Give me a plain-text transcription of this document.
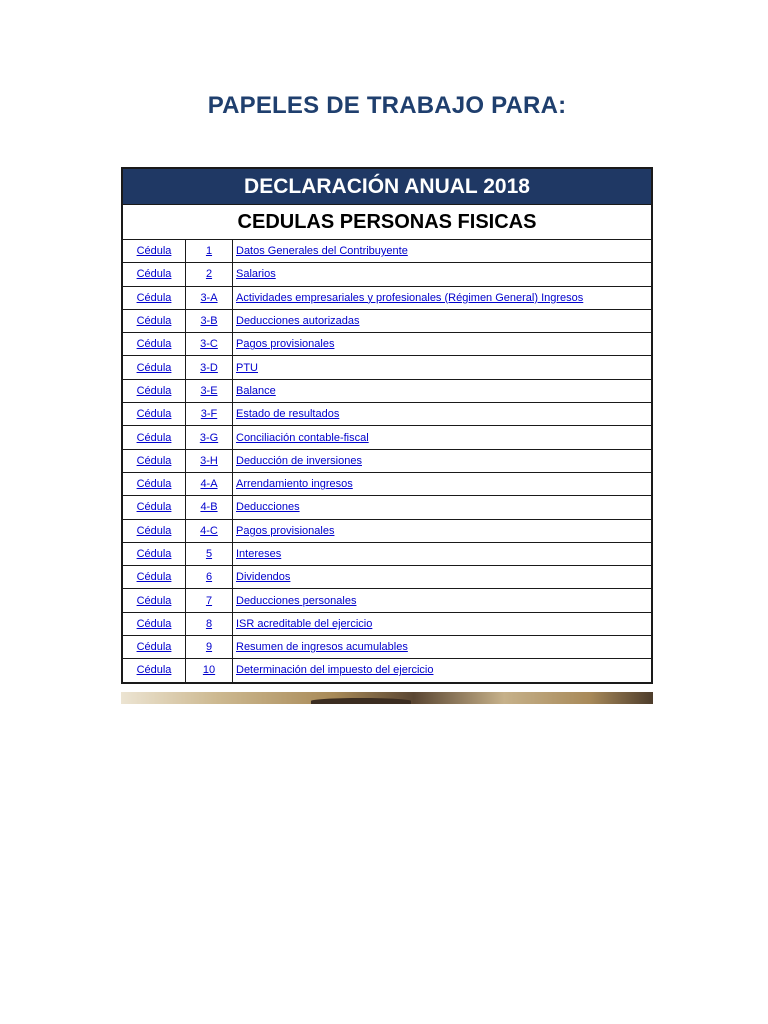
PAPELES DE TRABAJO PARA:
DECLARACIÓN ANUAL 2018
CEDULAS PERSONAS FISICAS
Cédula	1	Datos Generales del Contribuyente
Cédula	2	Salarios
Cédula	3-A	Actividades empresariales y profesionales (Régimen General) Ingresos
Cédula	3-B	Deducciones autorizadas
Cédula	3-C	Pagos provisionales
Cédula	3-D	PTU
Cédula	3-E	Balance
Cédula	3-F	Estado de resultados
Cédula	3-G	Conciliación contable-fiscal
Cédula	3-H	Deducción de inversiones
Cédula	4-A	Arrendamiento ingresos
Cédula	4-B	Deducciones
Cédula	4-C	Pagos provisionales
Cédula	5	Intereses
Cédula	6	Dividendos
Cédula	7	Deducciones personales
Cédula	8	ISR acreditable del ejercicio
Cédula	9	Resumen de ingresos acumulables
Cédula	10	Determinación del impuesto del ejercicio
